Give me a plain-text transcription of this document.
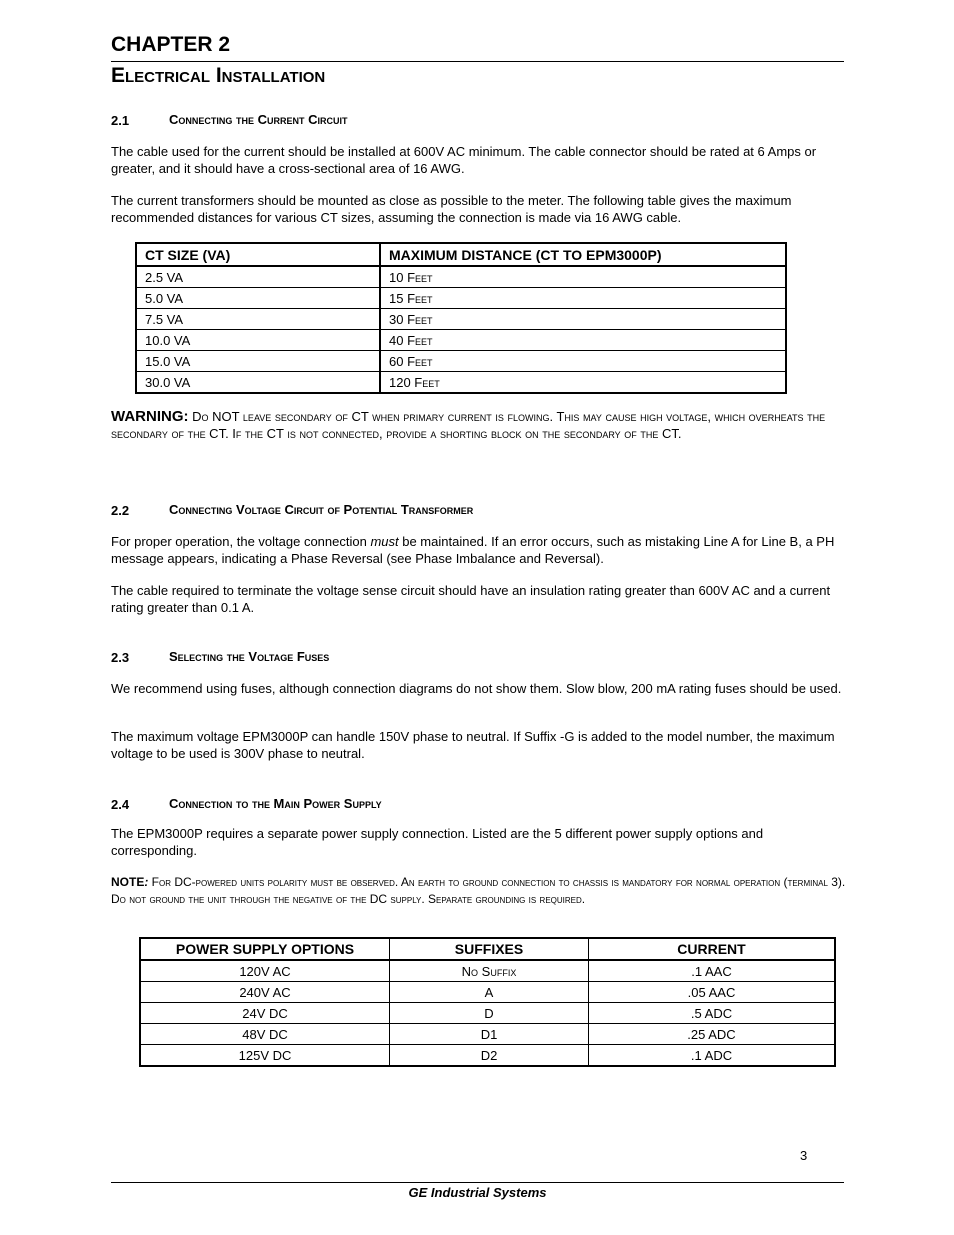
CHAPTER 2
Electrical Installation
2.1	Connecting the Current Circuit
The cable used for the current should be installed at 600V AC minimum. The cable connector should be rated at 6 Amps or greater, and it should have a cross-sectional area of 16 AWG.
The current transformers should be mounted as close as possible to the meter. The following table gives the maximum recommended distances for various CT sizes, assuming the connection is made via 16 AWG cable.
CT SIZE (VA)	MAXIMUM DISTANCE (CT TO EPM3000P)
2.5 VA	10 Feet
5.0 VA	15 Feet
7.5 VA	30 Feet
10.0 VA	40 Feet
15.0 VA	60 Feet
30.0 VA	120 Feet
WARNING: Do NOT leave secondary of CT when primary current is flowing. This may cause high voltage, which overheats the secondary of the CT. If the CT is not connected, provide a shorting block on the secondary of the CT.
2.2	Connecting Voltage Circuit of Potential Transformer
For proper operation, the voltage connection must be maintained. If an error occurs, such as mistaking Line A for Line B, a PH message appears, indicating a Phase Reversal (see Phase Imbalance and Reversal).
The cable required to terminate the voltage sense circuit should have an insulation rating greater than 600V AC and a current rating greater than 0.1 A.
2.3	Selecting the Voltage Fuses
We recommend using fuses, although connection diagrams do not show them. Slow blow, 200 mA rating fuses should be used.
The maximum voltage EPM3000P can handle 150V phase to neutral. If Suffix -G is added to the model number, the maximum voltage to be used is 300V phase to neutral.
2.4	Connection to the Main Power Supply
The EPM3000P requires a separate power supply connection. Listed are the 5 different power supply options and corresponding.
NOTE: For DC-powered units polarity must be observed. An earth to ground connection to chassis is mandatory for normal operation (terminal 3). Do not ground the unit through the negative of the DC supply. Separate grounding is required.
POWER SUPPLY OPTIONS	SUFFIXES	CURRENT
120V AC	No Suffix	.1 AAC
240V AC	A	.05 AAC
24V DC	D	.5 ADC
48V DC	D1	.25 ADC
125V DC	D2	.1 ADC
3
GE Industrial Systems
